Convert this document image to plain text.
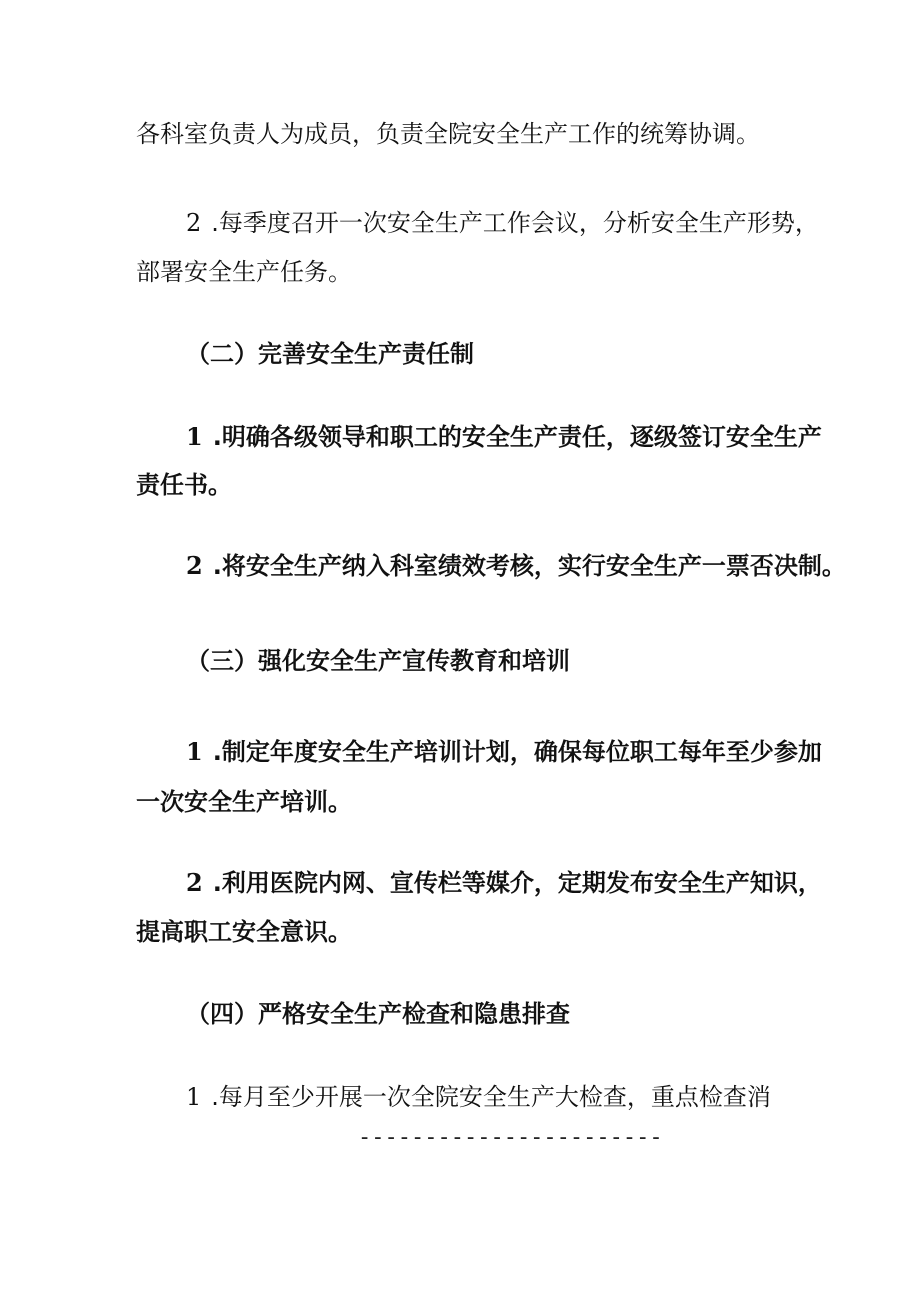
各科室负责人为成员，负责全院安全生产工作的统筹协调。
2 .每季度召开一次安全生产工作会议，分析安全生产形势，
部署安全生产任务。
（二）完善安全生产责任制
1 .明确各级领导和职工的安全生产责任，逐级签订安全生产
责任书。
2 .将安全生产纳入科室绩效考核，实行安全生产一票否决制。
（三）强化安全生产宣传教育和培训
1 .制定年度安全生产培训计划，确保每位职工每年至少参加
一次安全生产培训。
2 .利用医院内网、宣传栏等媒介，定期发布安全生产知识，
提高职工安全意识。
（四）严格安全生产检查和隐患排查
1 .每月至少开展一次全院安全生产大检查，重点检查消
-----------------------
